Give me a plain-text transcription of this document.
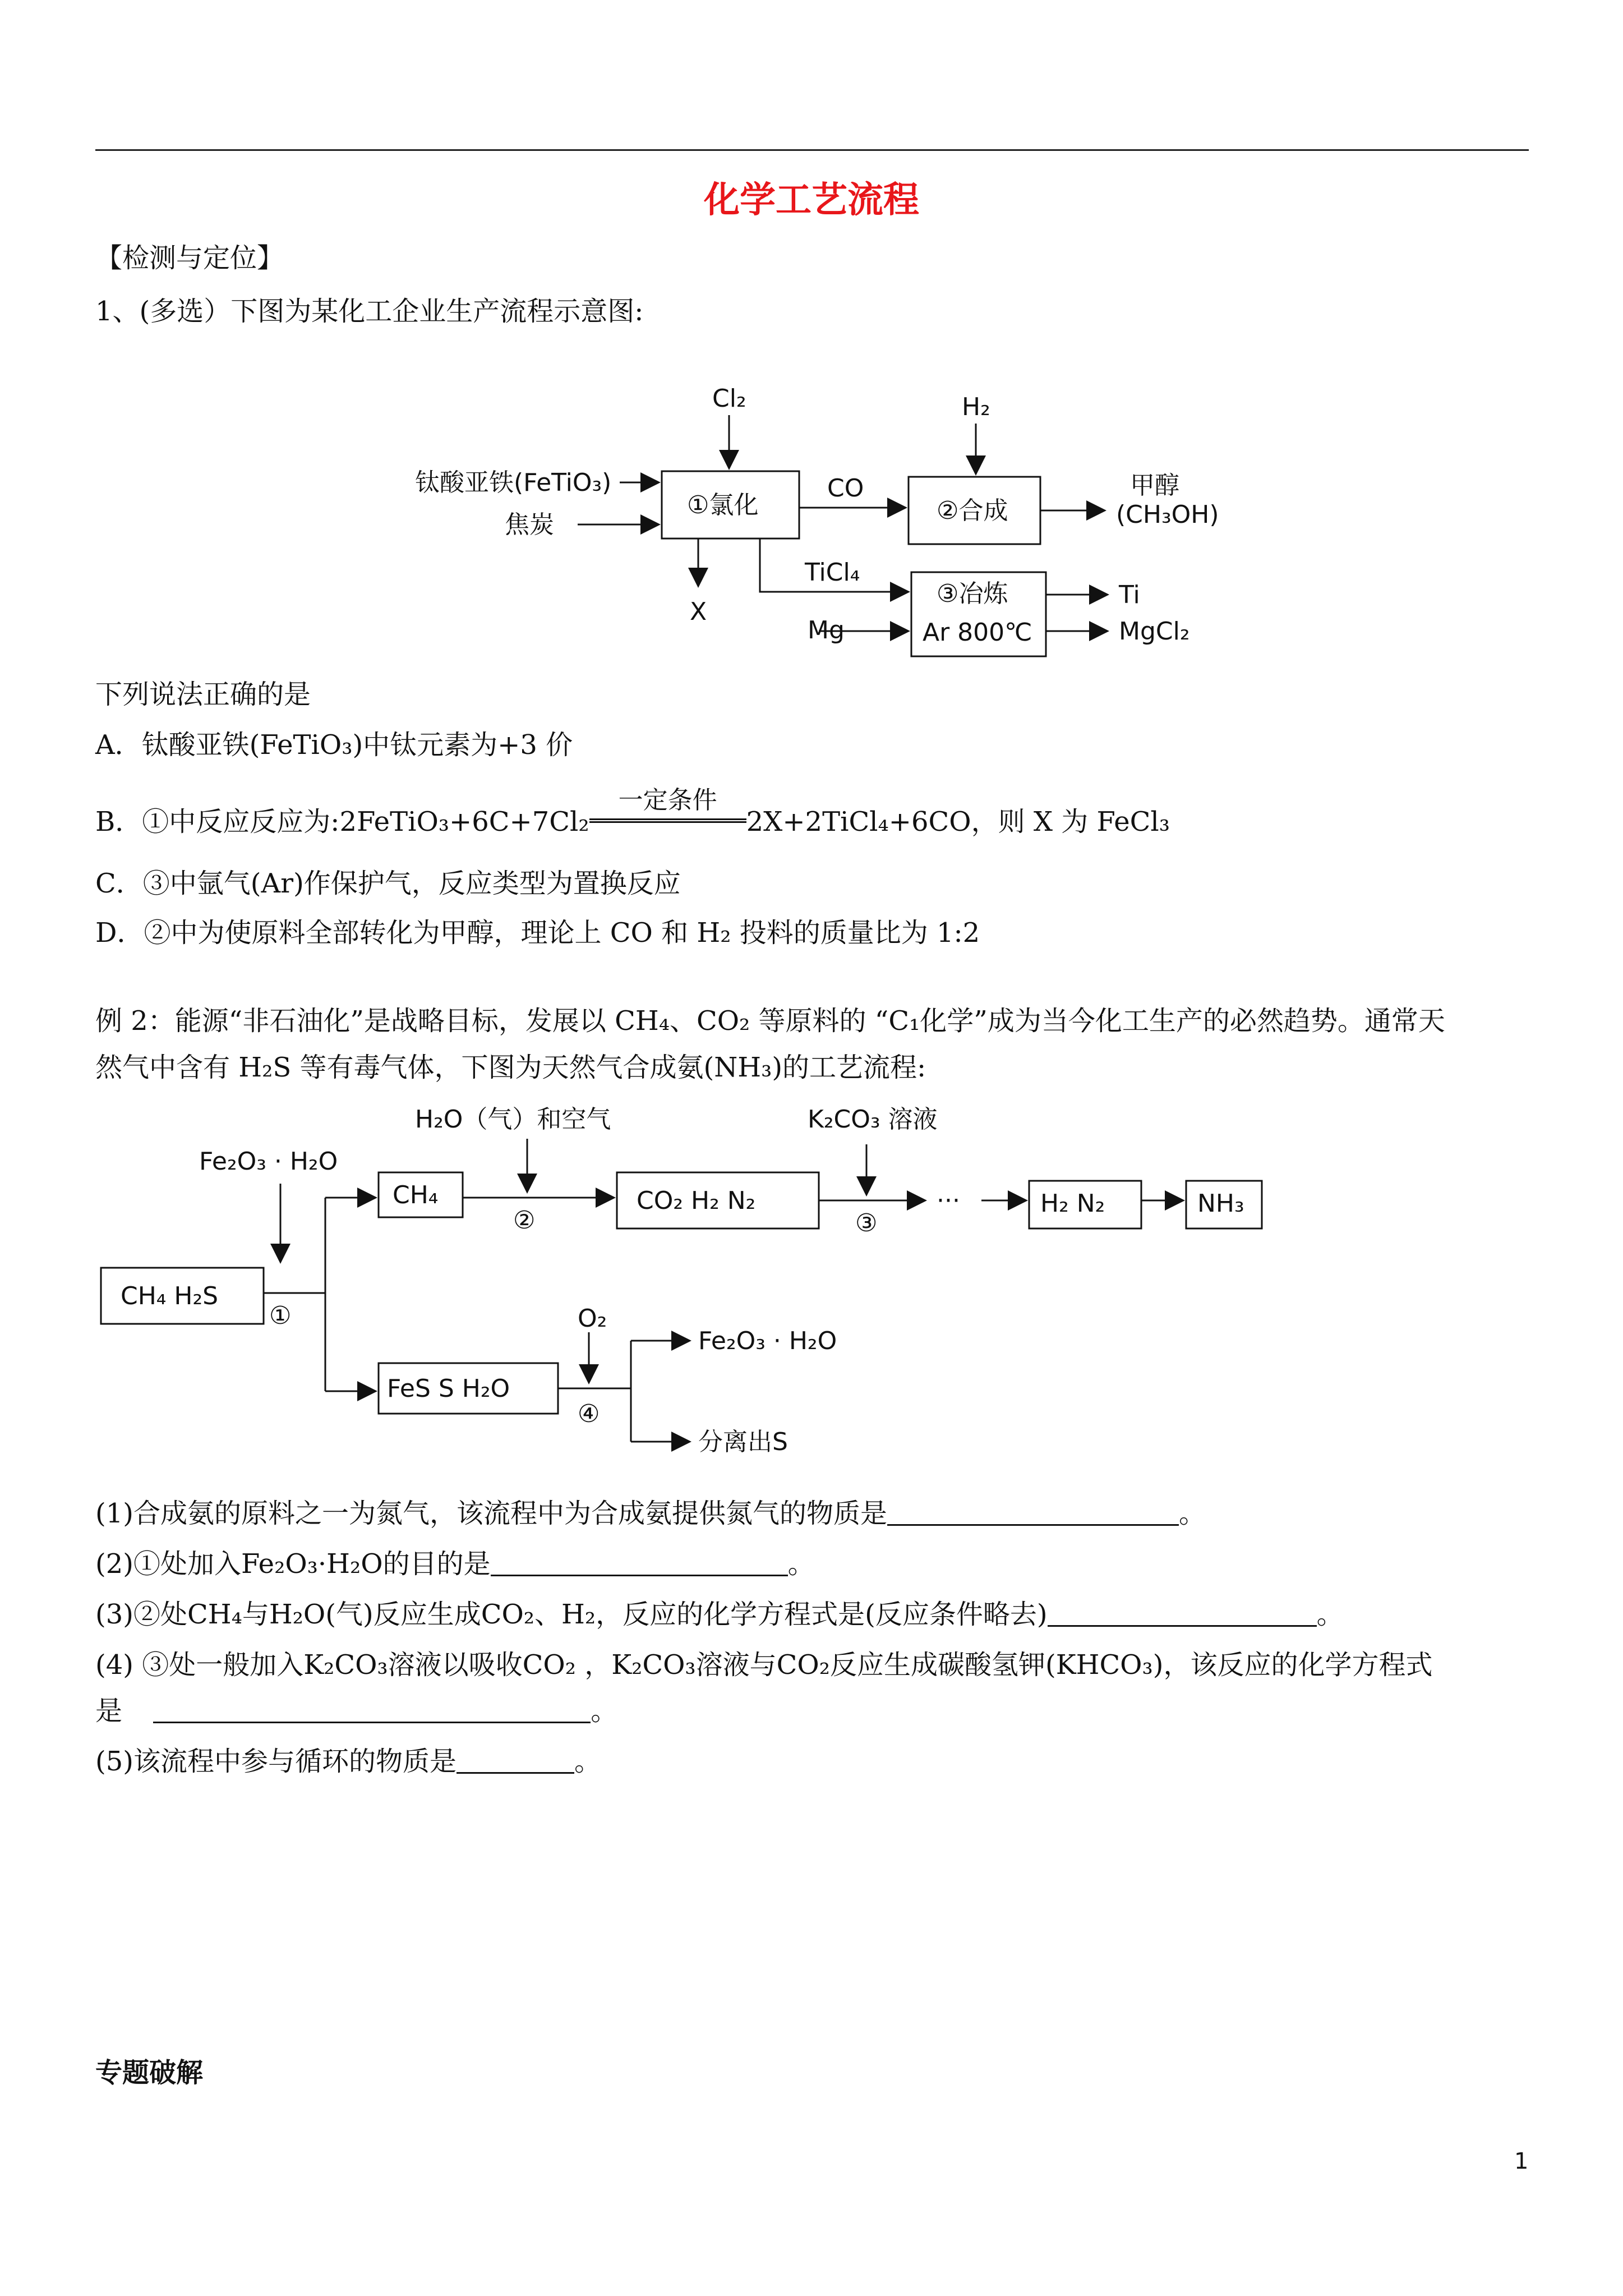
化学工艺流程
【检测与定位】
1、(多选）下图为某化工企业生产流程示意图:
Cl₂	H₂
钛酸亚铁(FeTiO₃)
焦炭
①氯化
CO
②合成
甲醇
(CH₃OH)
X
TiCl₄
③冶炼
Ar 800℃
Mg
Ti
MgCl₂
下列说法正确的是
A．钛酸亚铁(FeTiO₃)中钛元素为+3 价
B．①中反应反应为:2FeTiO₃+6C+7Cl₂
一定条件
2X+2TiCl₄+6CO，则 X 为 FeCl₃
C．③中氩气(Ar)作保护气，反应类型为置换反应
D．②中为使原料全部转化为甲醇，理论上 CO 和 H₂ 投料的质量比为 1:2
例 2：能源“非石油化”是战略目标，发展以 CH₄、CO₂ 等原料的 “C₁化学”成为当今化工生产的必然趋势。通常天
然气中含有 H₂S 等有毒气体，下图为天然气合成氨(NH₃)的工艺流程:
H₂O（气）和空气	K₂CO₃ 溶液
Fe₂O₃ · H₂O
CH₄
②
CO₂ H₂ N₂
③
···	H₂ N₂	NH₃
CH₄ H₂S
①	O₂
Fe₂O₃ · H₂O
FeS S H₂O
④
分离出S
(1)合成氨的原料之一为氮气，该流程中为合成氨提供氮气的物质是	。
(2)①处加入Fe₂O₃·H₂O的目的是	。
(3)②处CH₄与H₂O(气)反应生成CO₂、H₂，反应的化学方程式是(反应条件略去)	。
(4) ③处一般加入K₂CO₃溶液以吸收CO₂ ，K₂CO₃溶液与CO₂反应生成碳酸氢钾(KHCO₃)，该反应的化学方程式
是	。
(5)该流程中参与循环的物质是	。
专题破解
1
